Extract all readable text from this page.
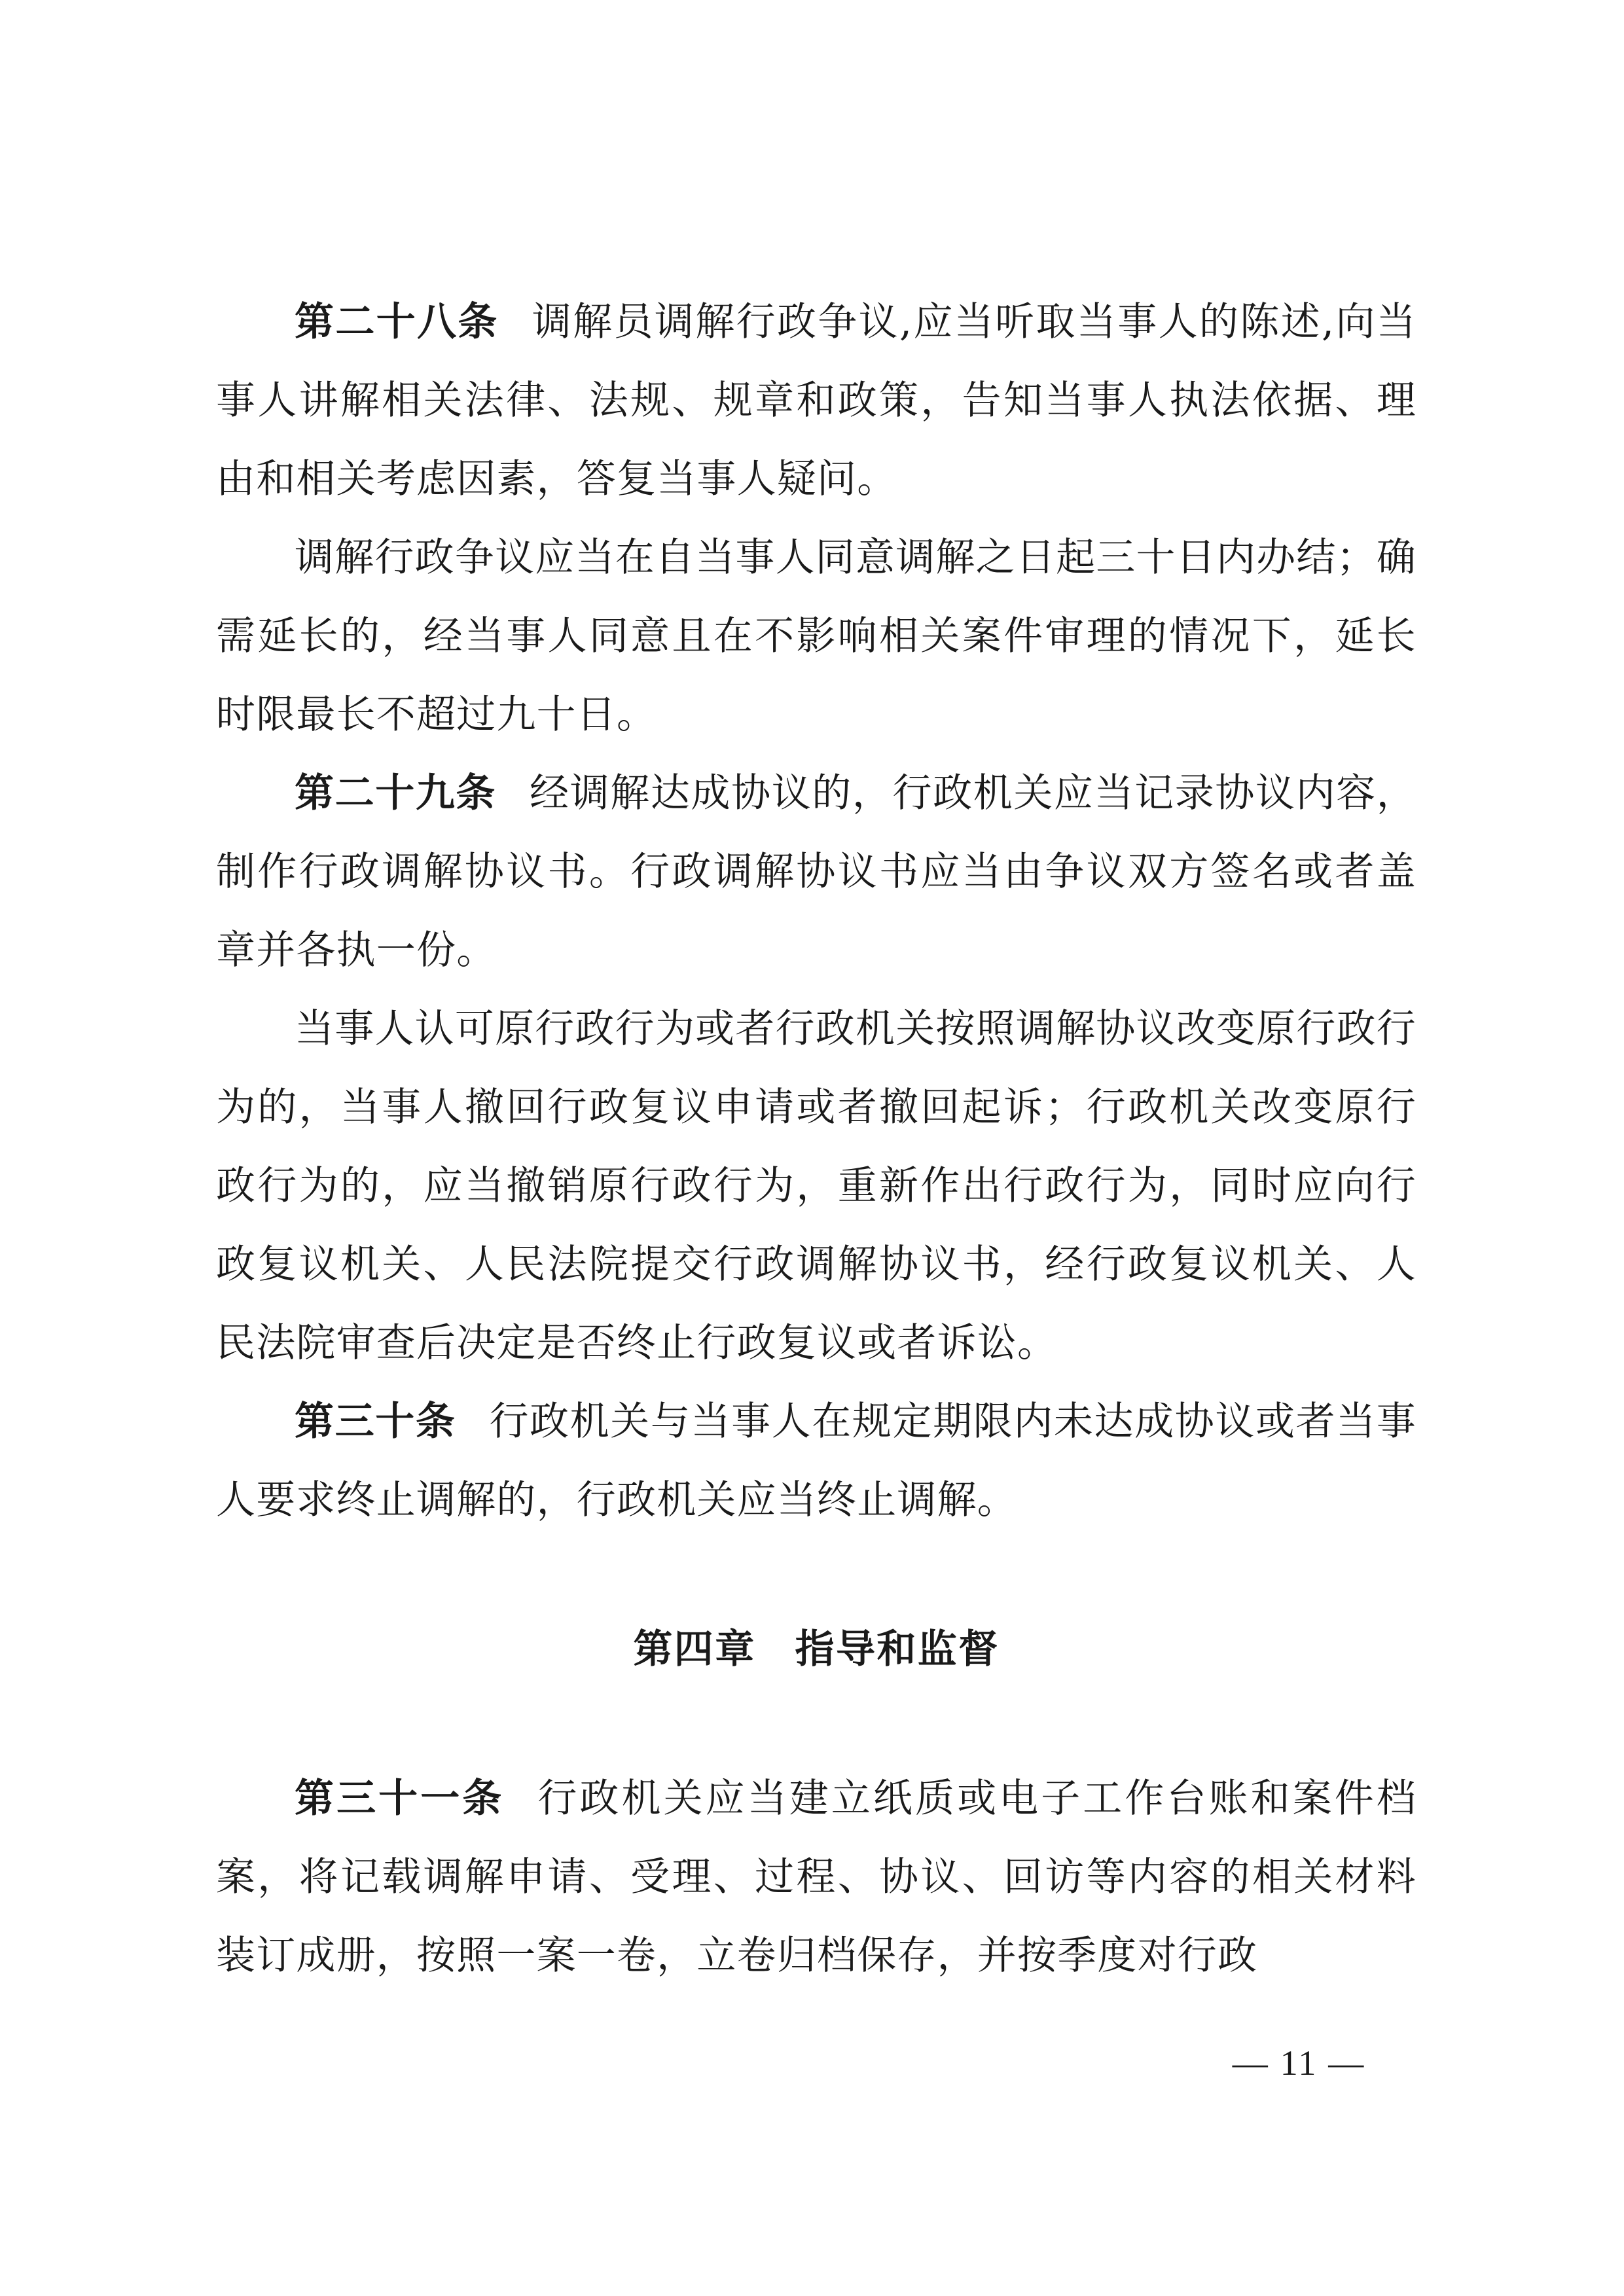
第二十八条 调解员调解行政争议,应当听取当事人的陈述,向当事人讲解相关法律、法规、规章和政策，告知当事人执法依据、理由和相关考虑因素，答复当事人疑问。

调解行政争议应当在自当事人同意调解之日起三十日内办结；确需延长的，经当事人同意且在不影响相关案件审理的情况下，延长时限最长不超过九十日。

第二十九条 经调解达成协议的，行政机关应当记录协议内容，制作行政调解协议书。行政调解协议书应当由争议双方签名或者盖章并各执一份。

当事人认可原行政行为或者行政机关按照调解协议改变原行政行为的，当事人撤回行政复议申请或者撤回起诉；行政机关改变原行政行为的，应当撤销原行政行为，重新作出行政行为，同时应向行政复议机关、人民法院提交行政调解协议书，经行政复议机关、人民法院审查后决定是否终止行政复议或者诉讼。

第三十条 行政机关与当事人在规定期限内未达成协议或者当事人要求终止调解的，行政机关应当终止调解。

第四章 指导和监督

第三十一条 行政机关应当建立纸质或电子工作台账和案件档案，将记载调解申请、受理、过程、协议、回访等内容的相关材料装订成册，按照一案一卷，立卷归档保存，并按季度对行政

— 11 —
